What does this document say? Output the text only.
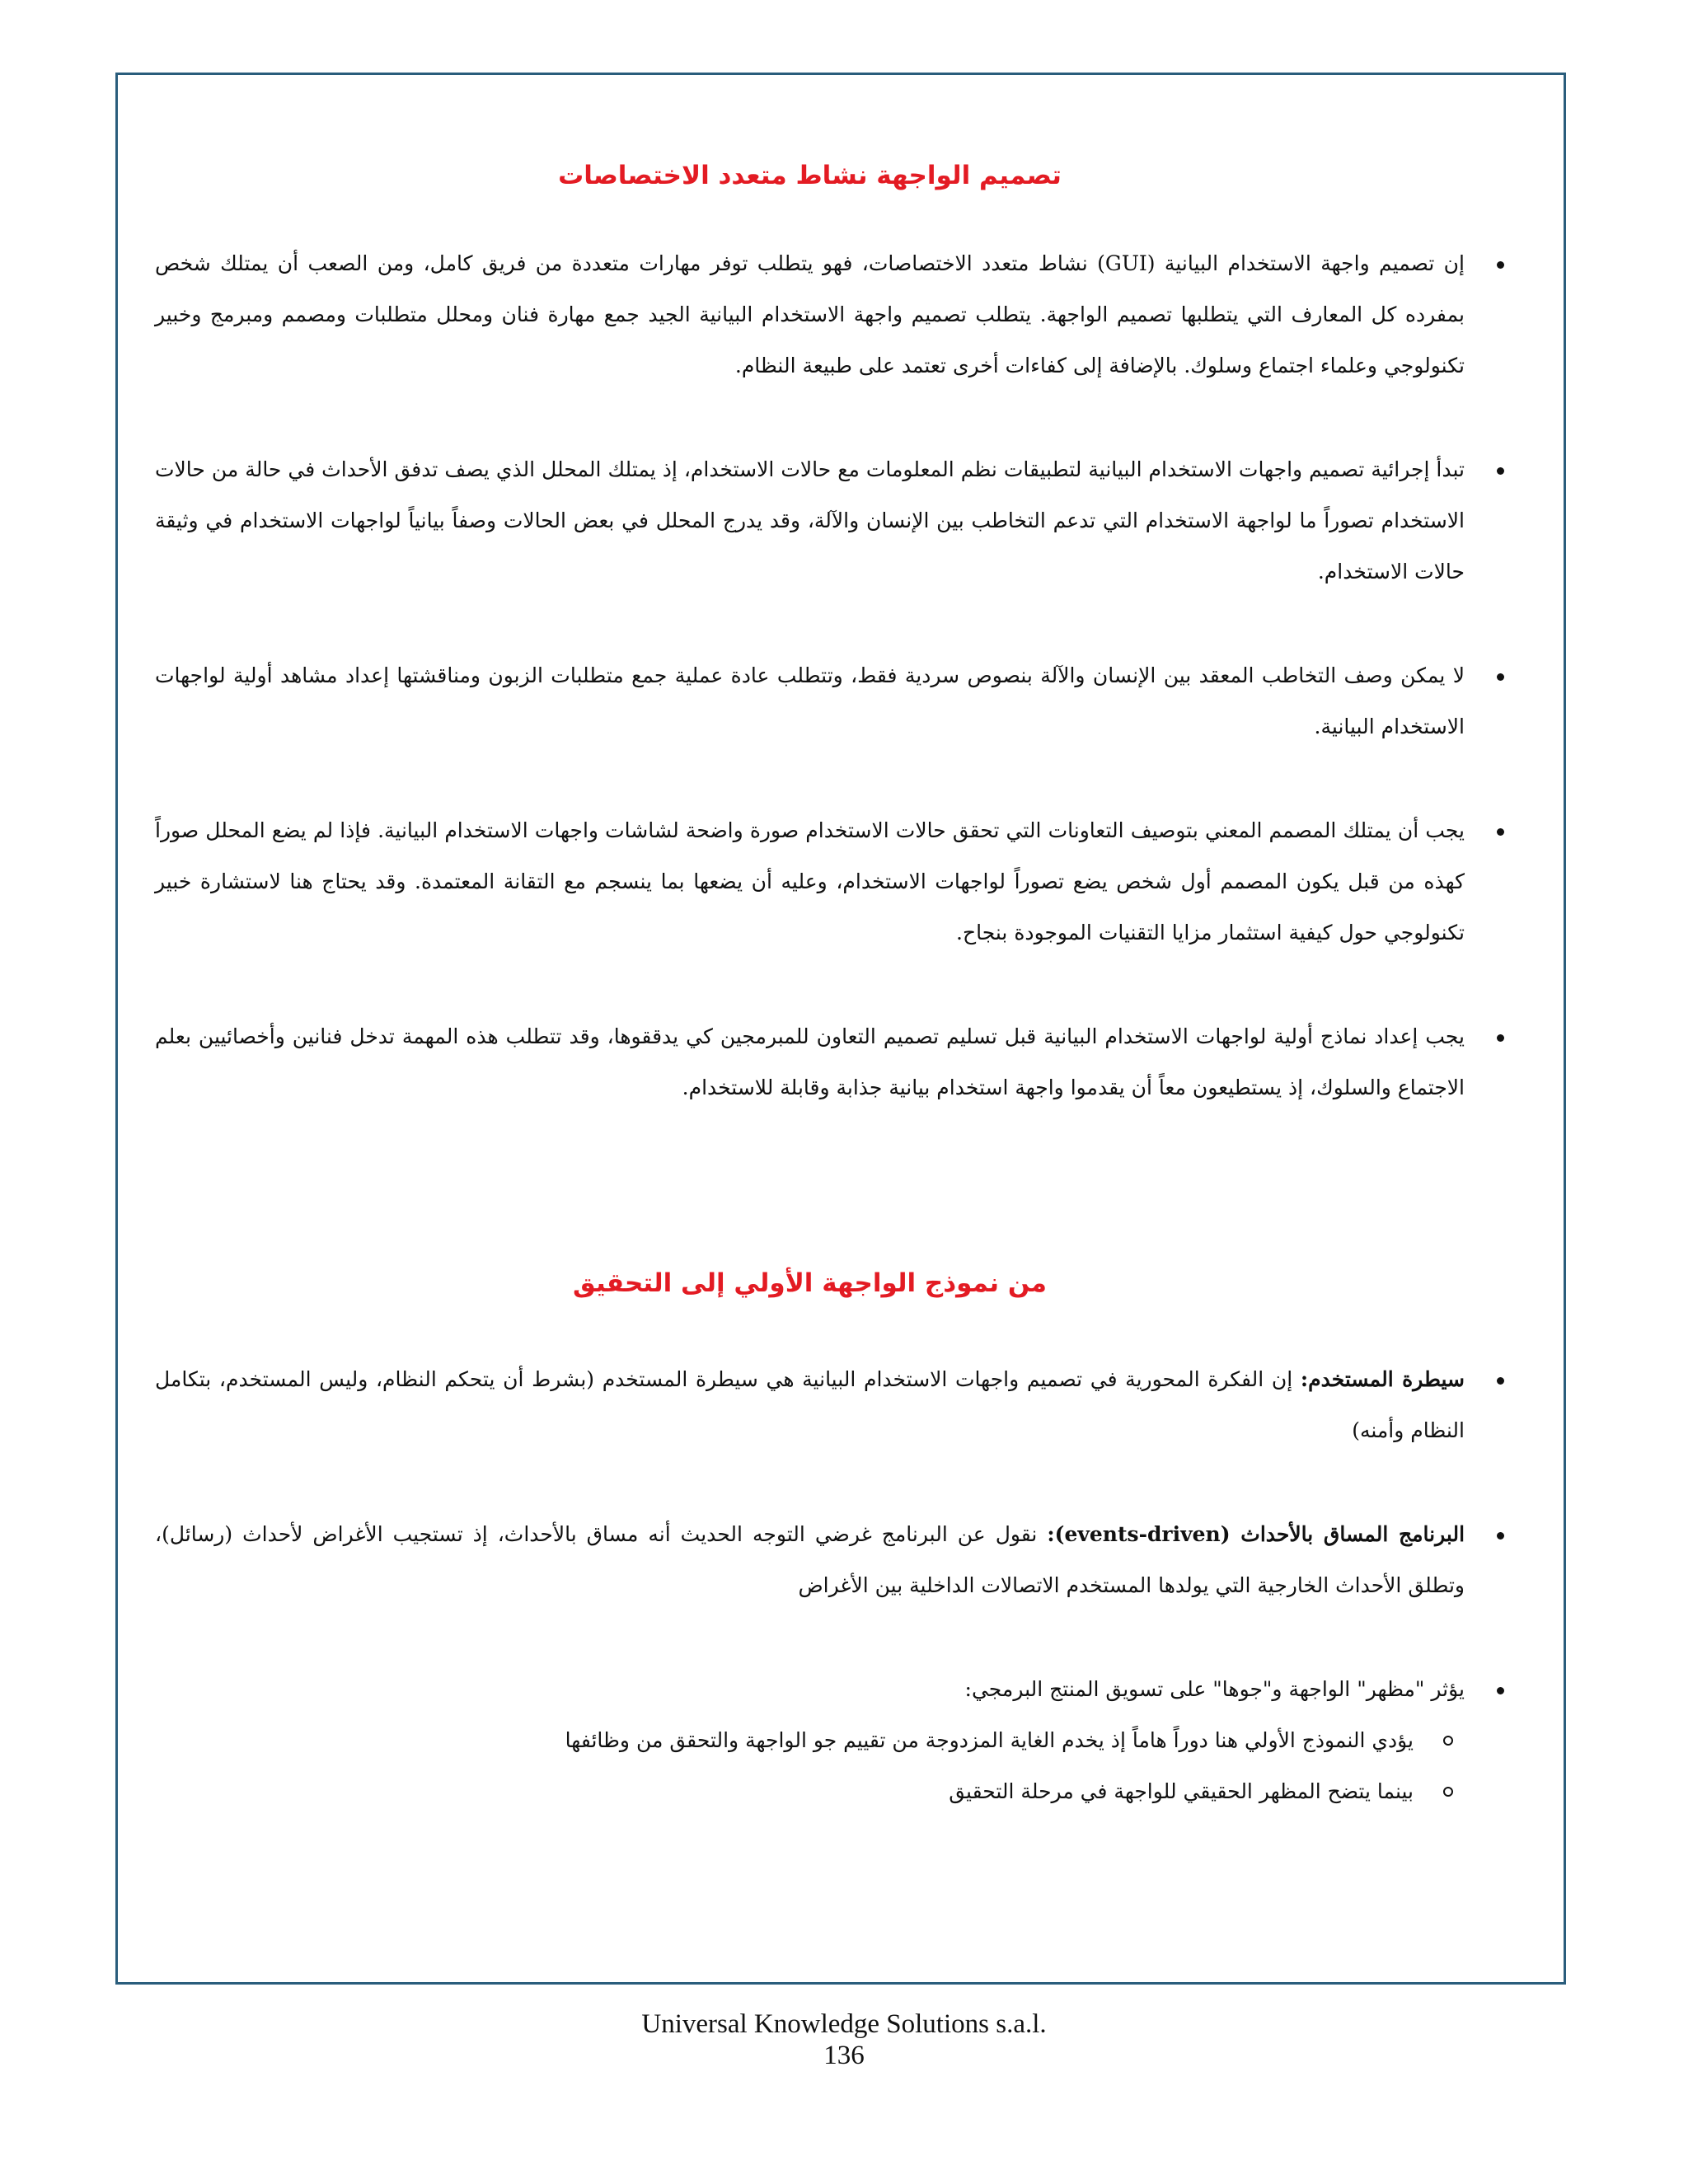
تصميم الواجهة نشاط متعدد الاختصاصات
إن تصميم واجهة الاستخدام البيانية (GUI) نشاط متعدد الاختصاصات، فهو يتطلب توفر مهارات متعددة من فريق كامل، ومن الصعب أن يمتلك شخص بمفرده كل المعارف التي يتطلبها تصميم الواجهة. يتطلب تصميم واجهة الاستخدام البيانية الجيد جمع مهارة فنان ومحلل متطلبات ومصمم ومبرمج وخبير تكنولوجي وعلماء اجتماع وسلوك. بالإضافة إلى كفاءات أخرى تعتمد على طبيعة النظام.
تبدأ إجرائية تصميم واجهات الاستخدام البيانية لتطبيقات نظم المعلومات مع حالات الاستخدام، إذ يمتلك المحلل الذي يصف تدفق الأحداث في حالة من حالات الاستخدام تصوراً ما لواجهة الاستخدام التي تدعم التخاطب بين الإنسان والآلة، وقد يدرج المحلل في بعض الحالات وصفاً بيانياً لواجهات الاستخدام في وثيقة حالات الاستخدام.
لا يمكن وصف التخاطب المعقد بين الإنسان والآلة بنصوص سردية فقط، وتتطلب عادة عملية جمع متطلبات الزبون ومناقشتها إعداد مشاهد أولية لواجهات الاستخدام البيانية.
يجب أن يمتلك المصمم المعني بتوصيف التعاونات التي تحقق حالات الاستخدام صورة واضحة لشاشات واجهات الاستخدام البيانية. فإذا لم يضع المحلل صوراً كهذه من قبل يكون المصمم أول شخص يضع تصوراً لواجهات الاستخدام، وعليه أن يضعها بما ينسجم مع التقانة المعتمدة. وقد يحتاج هنا لاستشارة خبير تكنولوجي حول كيفية استثمار مزايا التقنيات الموجودة بنجاح.
يجب إعداد نماذج أولية لواجهات الاستخدام البيانية قبل تسليم تصميم التعاون للمبرمجين كي يدققوها، وقد تتطلب هذه المهمة تدخل فنانين وأخصائيين بعلم الاجتماع والسلوك، إذ يستطيعون معاً أن يقدموا واجهة استخدام بيانية جذابة وقابلة للاستخدام.
من نموذج الواجهة الأولي إلى التحقيق
سيطرة المستخدم: إن الفكرة المحورية في تصميم واجهات الاستخدام البيانية هي سيطرة المستخدم (بشرط أن يتحكم النظام، وليس المستخدم، بتكامل النظام وأمنه)
البرنامج المساق بالأحداث (events-driven): نقول عن البرنامج غرضي التوجه الحديث أنه مساق بالأحداث، إذ تستجيب الأغراض لأحداث (رسائل)، وتطلق الأحداث الخارجية التي يولدها المستخدم الاتصالات الداخلية بين الأغراض
يؤثر "مظهر" الواجهة و"جوها" على تسويق المنتج البرمجي:
يؤدي النموذج الأولي هنا دوراً هاماً إذ يخدم الغاية المزدوجة من تقييم جو الواجهة والتحقق من وظائفها
بينما يتضح المظهر الحقيقي للواجهة في مرحلة التحقيق
Universal Knowledge Solutions s.a.l.
136
